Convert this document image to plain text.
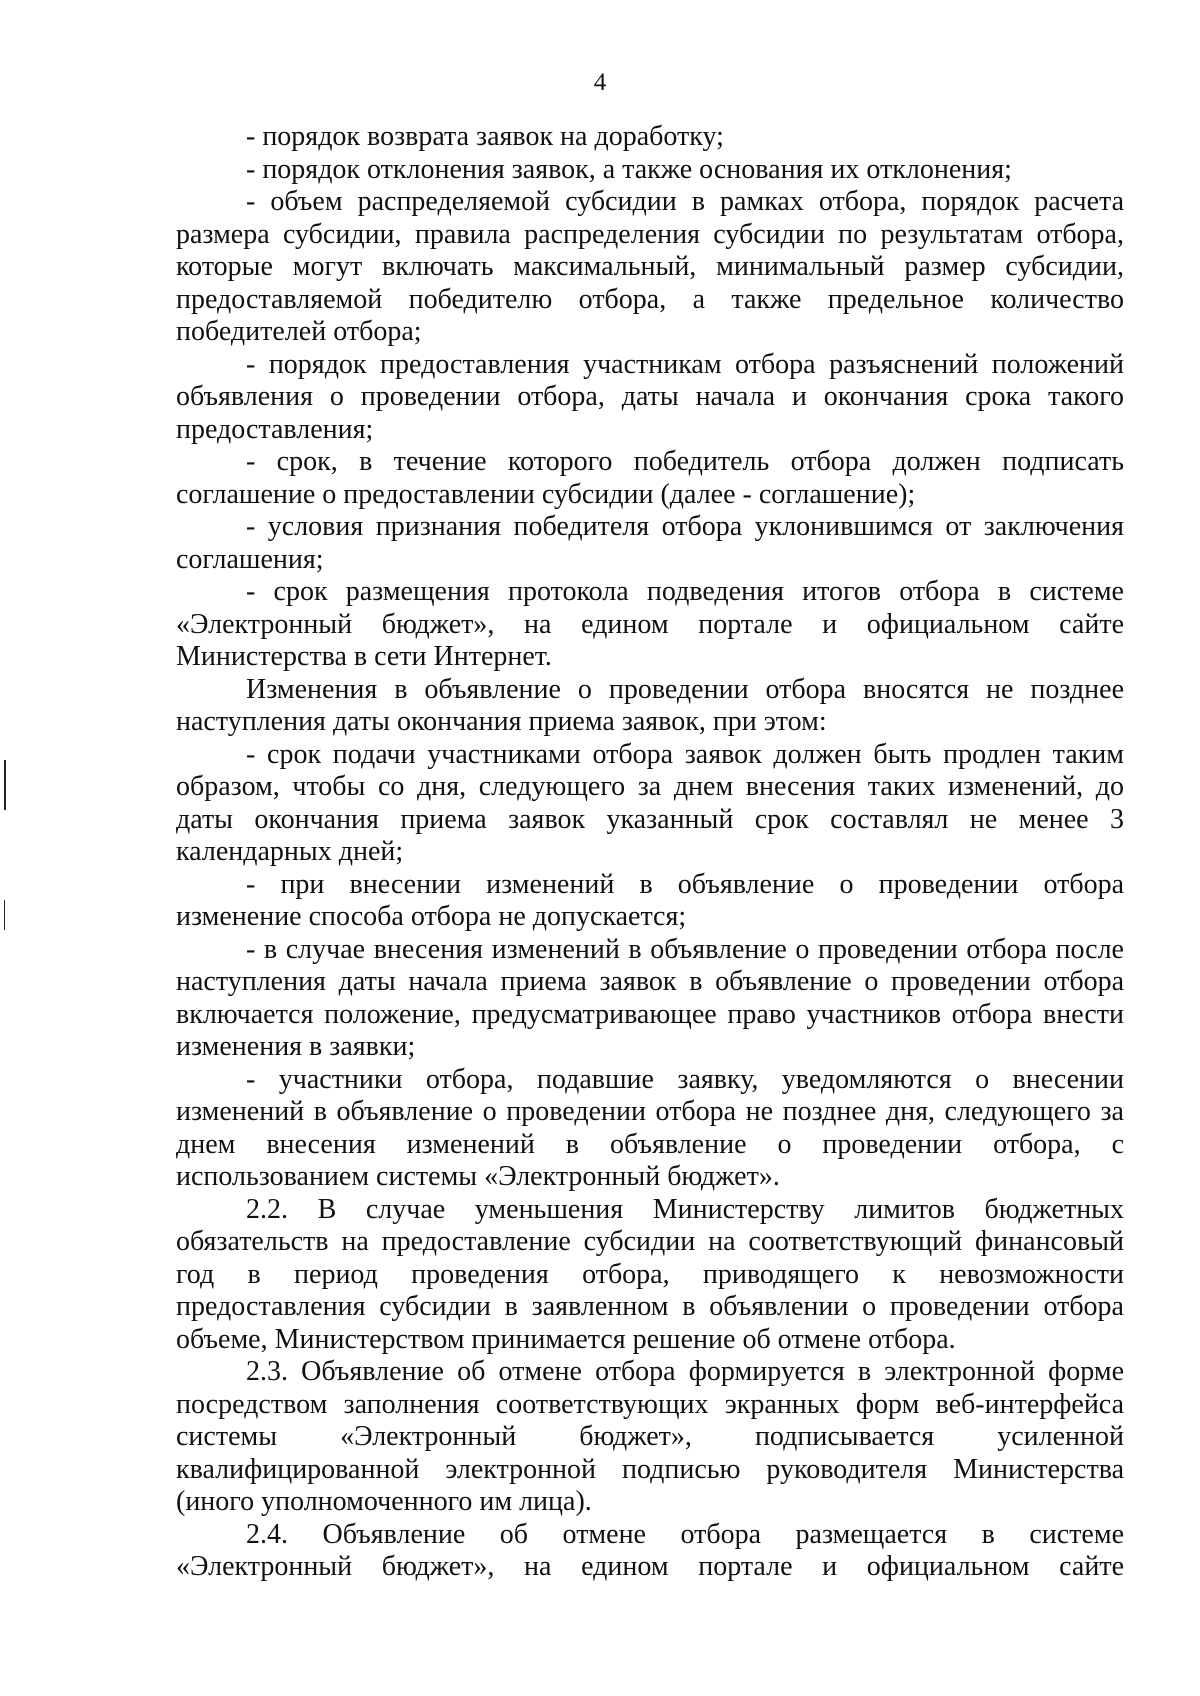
4
- порядок возврата заявок на доработку;
- порядок отклонения заявок, а также основания их отклонения;
- объем распределяемой субсидии в рамках отбора, порядок расчета
размера субсидии, правила распределения субсидии по результатам отбора,
которые могут включать максимальный, минимальный размер субсидии,
предоставляемой победителю отбора, а также предельное количество
победителей отбора;
- порядок предоставления участникам отбора разъяснений положений
объявления о проведении отбора, даты начала и окончания срока такого
предоставления;
- срок, в течение которого победитель отбора должен подписать
соглашение о предоставлении субсидии (далее - соглашение);
- условия признания победителя отбора уклонившимся от заключения
соглашения;
- срок размещения протокола подведения итогов отбора в системе
«Электронный бюджет», на едином портале и официальном сайте
Министерства в сети Интернет.
Изменения в объявление о проведении отбора вносятся не позднее
наступления даты окончания приема заявок, при этом:
- срок подачи участниками отбора заявок должен быть продлен таким
образом, чтобы со дня, следующего за днем внесения таких изменений, до
даты окончания приема заявок указанный срок составлял не менее 3
календарных дней;
- при внесении изменений в объявление о проведении отбора
изменение способа отбора не допускается;
- в случае внесения изменений в объявление о проведении отбора после
наступления даты начала приема заявок в объявление о проведении отбора
включается положение, предусматривающее право участников отбора внести
изменения в заявки;
- участники отбора, подавшие заявку, уведомляются о внесении
изменений в объявление о проведении отбора не позднее дня, следующего за
днем внесения изменений в объявление о проведении отбора, с
использованием системы «Электронный бюджет».
2.2. В случае уменьшения Министерству лимитов бюджетных
обязательств на предоставление субсидии на соответствующий финансовый
год в период проведения отбора, приводящего к невозможности
предоставления субсидии в заявленном в объявлении о проведении отбора
объеме, Министерством принимается решение об отмене отбора.
2.3. Объявление об отмене отбора формируется в электронной форме
посредством заполнения соответствующих экранных форм веб-интерфейса
системы «Электронный бюджет», подписывается усиленной
квалифицированной электронной подписью руководителя Министерства
(иного уполномоченного им лица).
2.4. Объявление об отмене отбора размещается в системе
«Электронный бюджет», на едином портале и официальном сайте
